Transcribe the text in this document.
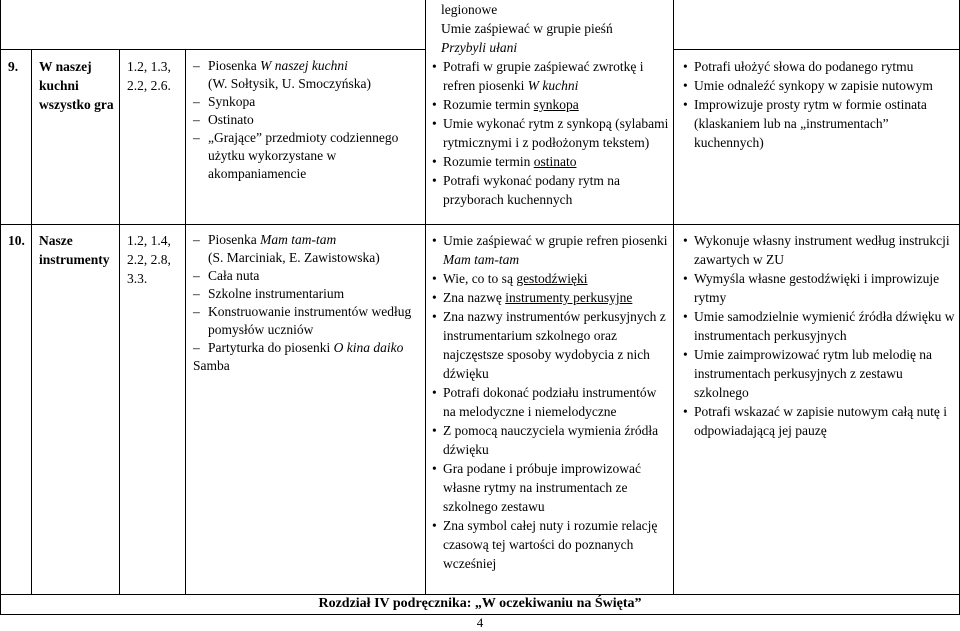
legionowe
Umie zaśpiewać w grupie pieśń
Przybyli ułani
9. W naszej kuchni wszystko gra
1.2, 1.3, 2.2, 2.6.
– Piosenka W naszej kuchni
(W. Sołtysik, U. Smoczyńska)
– Synkopa
– Ostinato
– „Grające” przedmioty codziennego użytku wykorzystane w akompaniamencie
• Potrafi w grupie zaśpiewać zwrotkę i refren piosenki W kuchni
• Rozumie termin synkopa
• Umie wykonać rytm z synkopą (sylabami rytmicznymi i z podłożonym tekstem)
• Rozumie termin ostinato
• Potrafi wykonać podany rytm na przyborach kuchennych
• Potrafi ułożyć słowa do podanego rytmu
• Umie odnaleźć synkopy w zapisie nutowym
• Improwizuje prosty rytm w formie ostinata (klaskaniem lub na „instrumentach” kuchennych)
10. Nasze instrumenty
1.2, 1.4, 2.2, 2.8, 3.3.
– Piosenka Mam tam-tam
(S. Marciniak, E. Zawistowska)
– Cała nuta
– Szkolne instrumentarium
– Konstruowanie instrumentów według pomysłów uczniów
– Partyturka do piosenki O kina daiko
Samba
• Umie zaśpiewać w grupie refren piosenki Mam tam-tam
• Wie, co to są gestodźwięki
• Zna nazwę instrumenty perkusyjne
• Zna nazwy instrumentów perkusyjnych z instrumentarium szkolnego oraz najczęstsze sposoby wydobycia z nich dźwięku
• Potrafi dokonać podziału instrumentów na melodyczne i niemelodyczne
• Z pomocą nauczyciela wymienia źródła dźwięku
• Gra podane i próbuje improwizować własne rytmy na instrumentach ze szkolnego zestawu
• Zna symbol całej nuty i rozumie relację czasową tej wartości do poznanych wcześniej
• Wykonuje własny instrument według instrukcji zawartych w ZU
• Wymyśla własne gestodźwięki i improwizuje rytmy
• Umie samodzielnie wymienić źródła dźwięku w instrumentach perkusyjnych
• Umie zaimprowizować rytm lub melodię na instrumentach perkusyjnych z zestawu szkolnego
• Potrafi wskazać w zapisie nutowym całą nutę i odpowiadającą jej pauzę
Rozdział IV podręcznika: „W oczekiwaniu na Święta”
4
